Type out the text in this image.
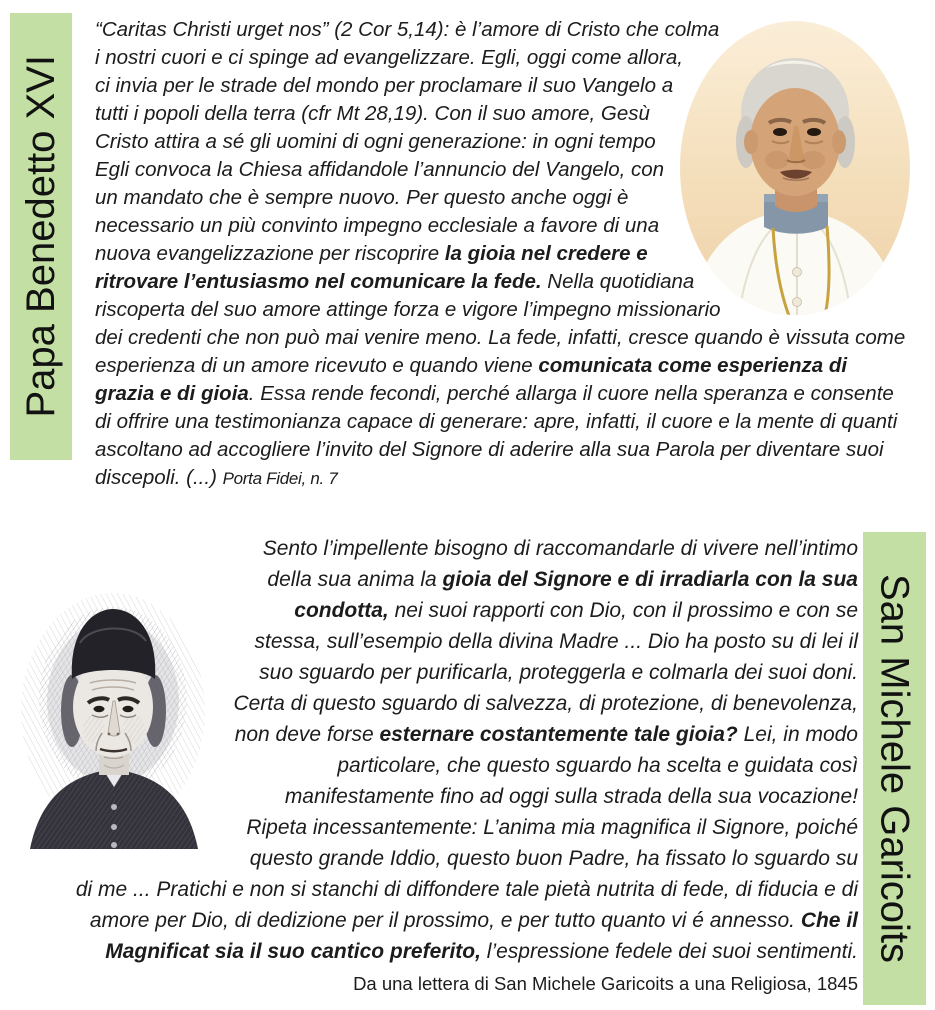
Papa Benedetto XVI
“Caritas Christi urget nos” (2 Cor 5,14): è l’amore di Cristo che colma i nostri cuori e ci spinge ad evangelizzare. Egli, oggi come allora, ci invia per le strade del mondo per proclamare il suo Vangelo a tutti i popoli della terra (cfr Mt 28,19). Con il suo amore, Gesù Cristo attira a sé gli uomini di ogni generazione: in ogni tempo Egli convoca la Chiesa affidandole l’annuncio del Vangelo, con un mandato che è sempre nuovo. Per questo anche oggi è necessario un più convinto impegno ecclesiale a favore di una nuova evangelizzazione per riscoprire la gioia nel credere e ritrovare l’entusiasmo nel comunicare la fede. Nella quotidiana riscoperta del suo amore attinge forza e vigore l’impegno missionario dei credenti che non può mai venire meno. La fede, infatti, cresce quando è vissuta come esperienza di un amore ricevuto e quando viene comunicata come esperienza di grazia e di gioia. Essa rende fecondi, perché allarga il cuore nella speranza e consente di offrire una testimonianza capace di generare: apre, infatti, il cuore e la mente di quanti ascoltano ad accogliere l’invito del Signore di aderire alla sua Parola per diventare suoi discepoli. (...) Porta Fidei, n. 7
Sento l’impellente bisogno di raccomandarle di vivere nell’intimo della sua anima la gioia del Signore e di irradiarla con la sua condotta, nei suoi rapporti con Dio, con il prossimo e con se stessa, sull’esempio della divina Madre ... Dio ha posto su di lei il suo sguardo per purificarla, proteggerla e colmarla dei suoi doni. Certa di questo sguardo di salvezza, di protezione, di benevolenza, non deve forse esternare costantemente tale gioia? Lei, in modo particolare, che questo sguardo ha scelta e guidata così manifestamente fino ad oggi sulla strada della sua vocazione! Ripeta incessantemente: L’anima mia magnifica il Signore, poiché questo grande Iddio, questo buon Padre, ha fissato lo sguardo su di me ... Pratichi e non si stanchi di diffondere tale pietà nutrita di fede, di fiducia e di amore per Dio, di dedizione per il prossimo, e per tutto quanto vi é annesso. Che il Magnificat sia il suo cantico preferito, l’espressione fedele dei suoi sentimenti.
Da una lettera di San Michele Garicoits a una Religiosa, 1845
San Michele Garicoits
